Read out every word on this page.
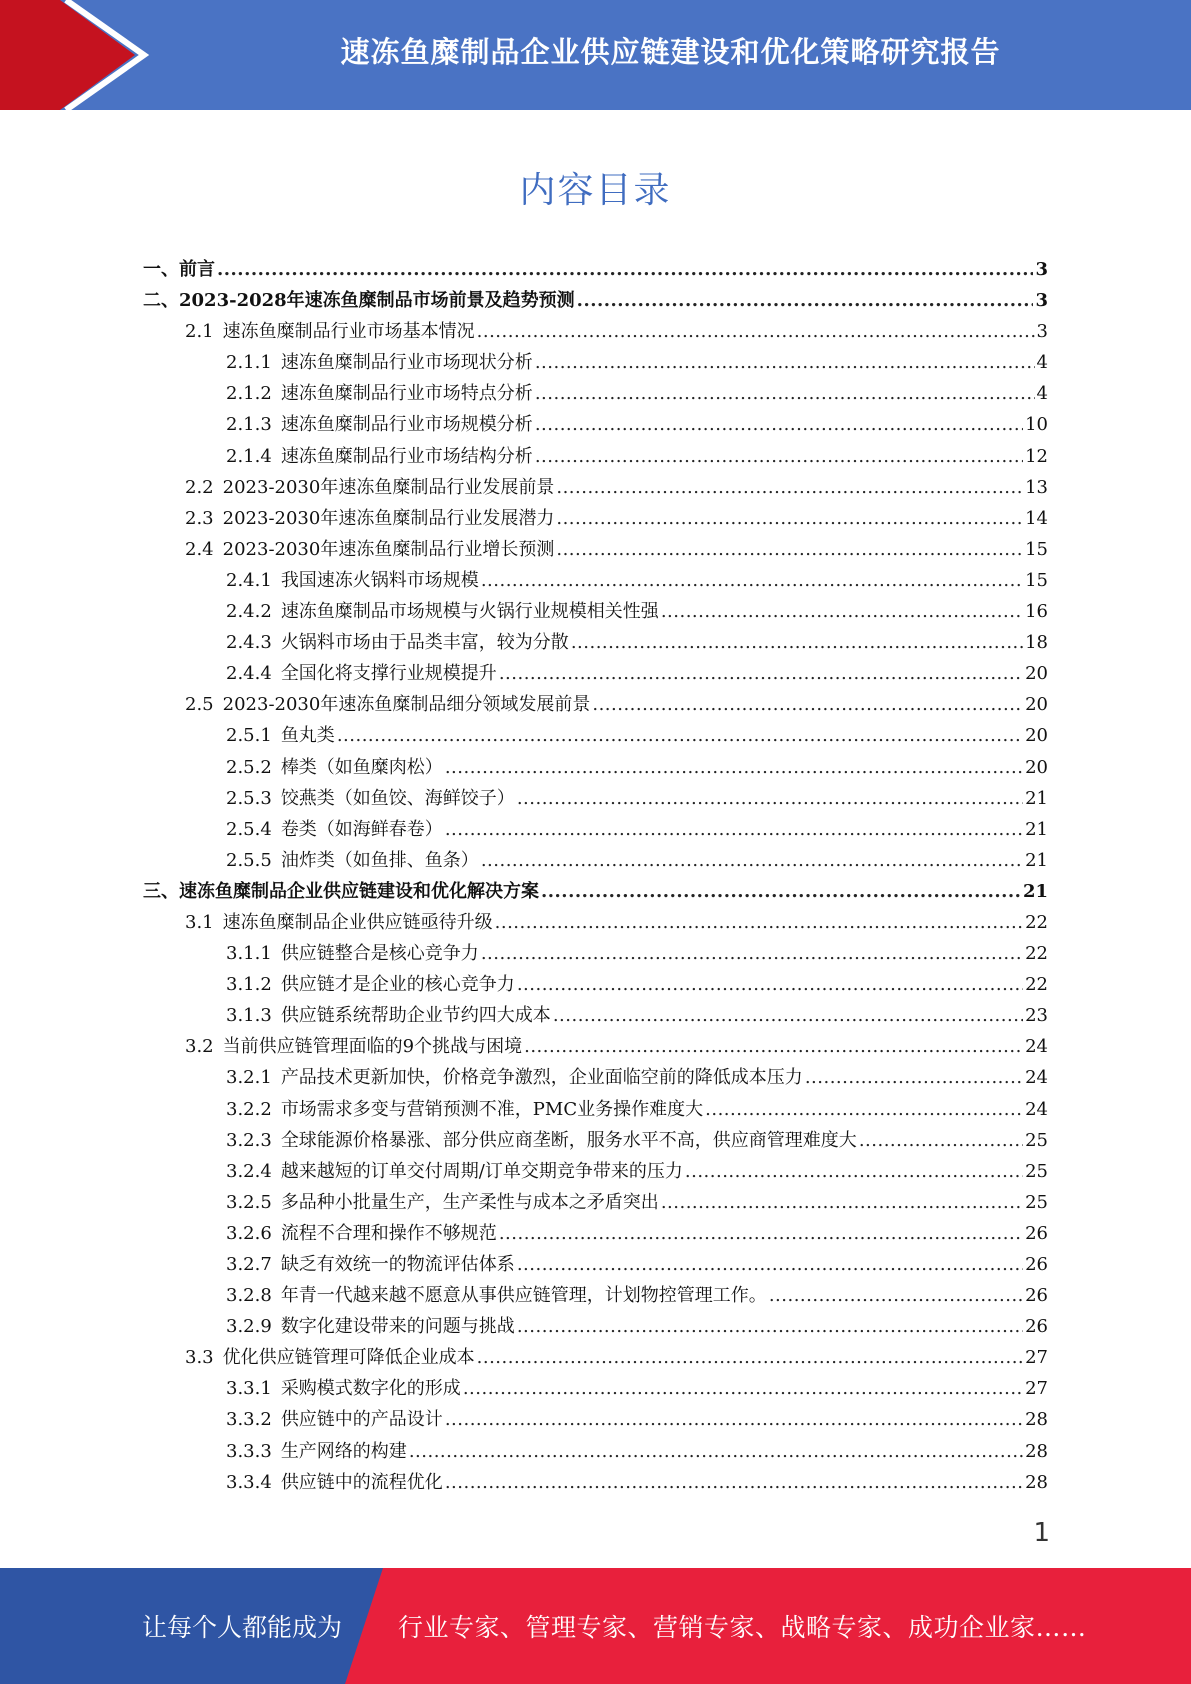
速冻鱼糜制品企业供应链建设和优化策略研究报告
内容目录
一、 前言 .....	3
二、 2023-2028年速冻鱼糜制品市场前景及趋势预测 .....	3
2.1 速冻鱼糜制品行业市场基本情况 .....	3
2.1.1 速冻鱼糜制品行业市场现状分析 .....	4
2.1.2 速冻鱼糜制品行业市场特点分析 .....	4
2.1.3 速冻鱼糜制品行业市场规模分析 .....	10
2.1.4 速冻鱼糜制品行业市场结构分析 .....	12
2.2 2023-2030年速冻鱼糜制品行业发展前景 .....	13
2.3 2023-2030年速冻鱼糜制品行业发展潜力 .....	14
2.4 2023-2030年速冻鱼糜制品行业增长预测 .....	15
2.4.1 我国速冻火锅料市场规模 .....	15
2.4.2 速冻鱼糜制品市场规模与火锅行业规模相关性强 .....	16
2.4.3 火锅料市场由于品类丰富，较为分散 .....	18
2.4.4 全国化将支撑行业规模提升 .....	20
2.5 2023-2030年速冻鱼糜制品细分领域发展前景 .....	20
2.5.1 鱼丸类 .....	20
2.5.2 棒类（如鱼糜肉松） .....	20
2.5.3 饺燕类（如鱼饺、海鲜饺子） .....	21
2.5.4 卷类（如海鲜春卷） .....	21
2.5.5 油炸类（如鱼排、鱼条） .....	21
三、 速冻鱼糜制品企业供应链建设和优化解决方案 .....	21
3.1 速冻鱼糜制品企业供应链亟待升级 .....	22
3.1.1 供应链整合是核心竞争力 .....	22
3.1.2 供应链才是企业的核心竞争力 .....	22
3.1.3 供应链系统帮助企业节约四大成本 .....	23
3.2 当前供应链管理面临的9个挑战与困境 .....	24
3.2.1 产品技术更新加快，价格竞争激烈，企业面临空前的降低成本压力 .....	24
3.2.2 市场需求多变与营销预测不准，PMC业务操作难度大 .....	24
3.2.3 全球能源价格暴涨、部分供应商垄断，服务水平不高，供应商管理难度大 .....	25
3.2.4 越来越短的订单交付周期/订单交期竞争带来的压力 .....	25
3.2.5 多品种小批量生产，生产柔性与成本之矛盾突出 .....	25
3.2.6 流程不合理和操作不够规范 .....	26
3.2.7 缺乏有效统一的物流评估体系 .....	26
3.2.8 年青一代越来越不愿意从事供应链管理，计划物控管理工作。 .....	26
3.2.9 数字化建设带来的问题与挑战 .....	26
3.3 优化供应链管理可降低企业成本 .....	27
3.3.1 采购模式数字化的形成 .....	27
3.3.2 供应链中的产品设计 .....	28
3.3.3 生产网络的构建 .....	28
3.3.4 供应链中的流程优化 .....	28
1
让每个人都能成为 行业专家、管理专家、营销专家、战略专家、成功企业家……
